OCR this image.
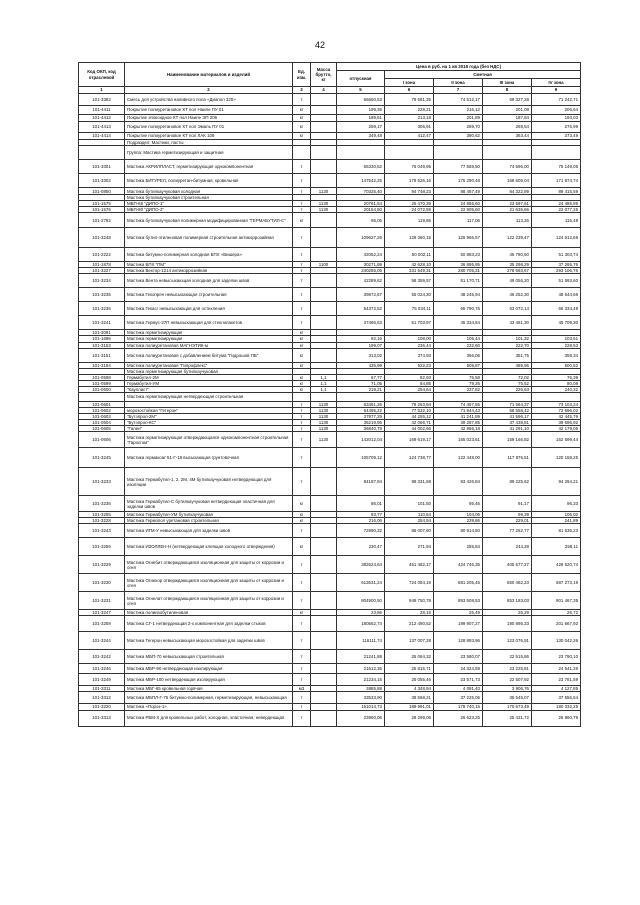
42
Код ОКП, код отраслевой	Наименование материалов и изделий	Ед. изм.	Масса брутто, кг	Цена в руб. на 1 кв 2016 года (без НДС)				
				отпускная	Сметная			
					I зона	II зона	III зона	IV зона
1	2	3	4	5	6	7	8	9
101-3382	Смесь для устройства наливного пола «Диапол 320»	т		66660,53	78 681,35	74 512,17	69 327,28	71 242,71
101-4411	Покрытие полиуретановое КТ пол Наиле ПУ 01	кг		199,35	228,21	216,12	201,08	206,64
101-4412	Покрытие эпоксидное КТ пол Наиле ЭП 206	кг		189,61	213,18	201,89	187,84	193,03
101-4413	Покрытие полиуретановое КТ пол Эмаль ПУ 01	кг		259,17	306,91	289,70	269,54	276,99
101-4414	Покрытие полиуретановое КТ пол ЛАК 108	кг		349,48	412,47	390,62	363,44	373,49
	Подраздел: Мастики, пасты							
	Группа: Мастика герметизирующая и защитная							
101-3301	Мастика АКРИЛПЛАСТ, герметизирующая однокомпонентная	т		65330,52	76 049,95	77 569,50	74 696,00	75 149,05
101-3302	Мастика БИТУРЕЛ, полиуретан-битумная, кровельная	т		147542,25	178 526,16	175 290,48	168 609,04	171 974,74
101-0850	Мастика бутилкаучуковая холодная	т	1130	70325,40	94 748,23	88 487,49	84 322,89	89 415,59
	Мастика бутилкаучуковая строительная							
101-1575	МБП-65 "ДИПО-1"	т	1130	20761,54	25 470,39	24 855,60	23 597,61	24 485,89
101-1576	МБП-80 "ДИПО-2"	т	1130	20154,50	24 072,59	22 905,60	21 635,66	22 077,25
101-2792	Мастика бутилкаучуковая полимерная модифицированная "ГЕРМАБУТИЛ-С"	кг		95,05	119,86	117,06	113,26	115,49
101-3248	Мастика бутил-этиленовая полимерная строительная антикоррозийная	т		109627,26	129 360,15	126 966,57	122 239,47	124 612,69
101-2222	Мастика битумно-полимерная холодная БПХ «Вишера»	т		42052,24	50 002,11	50 883,23	46 780,60	51 303,74
101-1878	Мастика БПХ "ПМ"	т	1100	30271,99	42 628,10	36 895,95	35 298,29	37 265,76
101-3227	Мастика Вектор-1214 антикоррозийная	т		240255,05	331 549,31	280 705,31	278 693,67	293 106,76
101-3234	Мастика Вента невысыхающая холодная для заделки швов	т		42289,62	58 359,57	51 170,71	49 056,20	51 593,60
101-3235	Мастика Гекопрен невысыхающая строительная	т		39872,67	55 024,30	48 245,94	46 252,30	48 644,66
101-3236	Мастика Гекасг невысыхающая для остекления	т		54372,52	75 034,11	65 790,76	63 072,14	66 334,49
101-3241	Мастика Гермус-27П невысыхающая для стеклопакетов	т		37466,63	51 703,97	45 334,64	43 461,30	45 709,30
101-3091	Мастика герметизирующая	кг						
101-1695	Мастика герметизирующая	кг		92,16	108,00	105,44	101,32	103,51
101-3153	Мастика полиуретановая МАГНЭТИК-м	кг		199,07	236,44	232,60	222,70	228,53
101-3151	Мастика полиуретановая с добавлением битума "Гидрошов ПБ"	кг		313,02	374,93	366,06	351,75	359,34
101-3194	Мастика полиуретановая "Гипрофлекс"	кг		435,99	522,23	509,87	489,95	500,52
	Мастика герметизирующая бутилкаучуковая							
101-0598	Гермабутил-2М	кг	1,1	67,77	82,93	75,58	72,02	76,39
101-0599	Гермабутил-УМ	кг	1,1	71,05	84,85	79,26	75,52	80,08
101-0600	"Каулласт"	кг	1,1	219,21	254,64	237,82	226,63	240,32
	Мастика герметизирующая нетвердеющая строительная							
101-0601		т	1130	63461,26	78 263,94	74 457,55	71 564,37	73 103,24
101-0602	морозостойкая "Гетерон"	т	1130	64495,22	77 532,10	71 944,43	68 558,42	72 696,02
101-0603	"Бутэпрол-2М"	т	1130	37977,29	44 255,12	41 241,89	41 596,17	42 445,76
101-0604	"Бутэпрол-КС"	т	1130	35219,95	42 066,71	39 287,85	37 438,81	39 696,92
101-0605	"Гален"	т	1130	36840,79	44 002,66	42 966,18	41 291,10	42 179,05
101-0606	Мастика герметизирующая отверждающаяся однокомпонентная строительная "Гаросгом"	т	1130	142012,04	169 619,17	165 023,61	159 166,82	162 599,44
101-3245	Мастика гермакоаг 51-Г-18 высыхающая грунтовочная	т		105709,12	124 738,77	122 448,00	117 876,51	120 159,25
101-3233	Мастика Гермабутил-1, 2, 2М, 4М бутилкаучуковая нетвердеющая для изоляции	т		84187,94	99 331,68	93 426,84	89 225,62	94 294,21
101-3236	Мастика Гермабутил-С бутилкаучуковая нетвердеющая эластичная для заделки швов	кг		86,01	101,50	95,46	91,17	96,33
101-3255	Мастика Гермабутил-УМ бутилкаучуковая	кг		93,77	110,64	104,06	99,39	105,02
101-3228	Мастика Гермопол уретановая строительная	кг		216,06	254,94	239,86	229,01	241,89
101-3243	Мастика ИГМ-У невысыхающая для заделки швов	т		72890,32	86 007,60	80 914,50	77 262,77	81 635,23
101-3256	Мастика ИЗОЛЛЕН-Н (нетвердеющая клеящая холодного отверждения)	кг		230,47	271,94	255,84	244,28	258,11
101-3229	Мастика Огнебит отверждающаяся изоляционная для защиты от коррозии и огня	т		382624,64	451 482,17	424 746,35	405 577,27	428 520,74
101-3230	Мастика Огнекор отверждающаяся изоляционная для защиты от коррозии и огня	т		613631,24	724 084,19	681 205,45	650 462,23	687 273,19
101-3231	Мастика Огнелат отверждающаяся изоляционная для защиты от коррозии и огня	т		804900,50	949 750,78	893 508,53	853 183,03	901 467,35
101-3247	Мастика полиизобутиленовая	кг		23,86	28,15	26,49	25,29	26,72
101-3259	Мастика СГ-1 нетвердеющая 2-х компонентная для заделки стыков	т		180562,74	212 490,52	199 907,27	190 895,33	201 667,92
101-3244	Мастика Тегерон невысыхающая морозостойкая для заделки швов	т		116111,74	137 007,28	128 893,96	123 076,91	130 042,26
101-3242	Мастика МБП-70 невысыхающая строительная	т		21241,88	25 064,32	23 580,07	22 515,86	23 790,10
101-3246	Мастика МБР-90 нетвердеющая изолирующая	т		21612,35	25 815,71	24 324,59	23 225,81	24 541,26
101-3249	Мастика МБР-100 нетвердеющая изолирующая	т		21234,15	25 055,46	23 571,73	22 507,92	23 781,59
101-3311	Мастика МБГ-65 кровельная горячая	м3		3885,88	4 348,94	4 091,40	3 906,76	4 127,85
101-3312	Мастика МБПЛ-Г-75 битумно-полимерная, герметизирующая, невысыхающая	т		33533,90	39 568,21	37 225,06	35 545,07	37 556,54
101-3220	Мастика «Пороз-1»	т		161014,73	189 991,01	178 740,15	170 673,49	180 332,25
101-3313	Мастика РБМ-Х для кровельных работ, холодная, эластичная, невердеющая	т		23960,06	28 299,06	26 623,25	25 421,72	26 860,79
